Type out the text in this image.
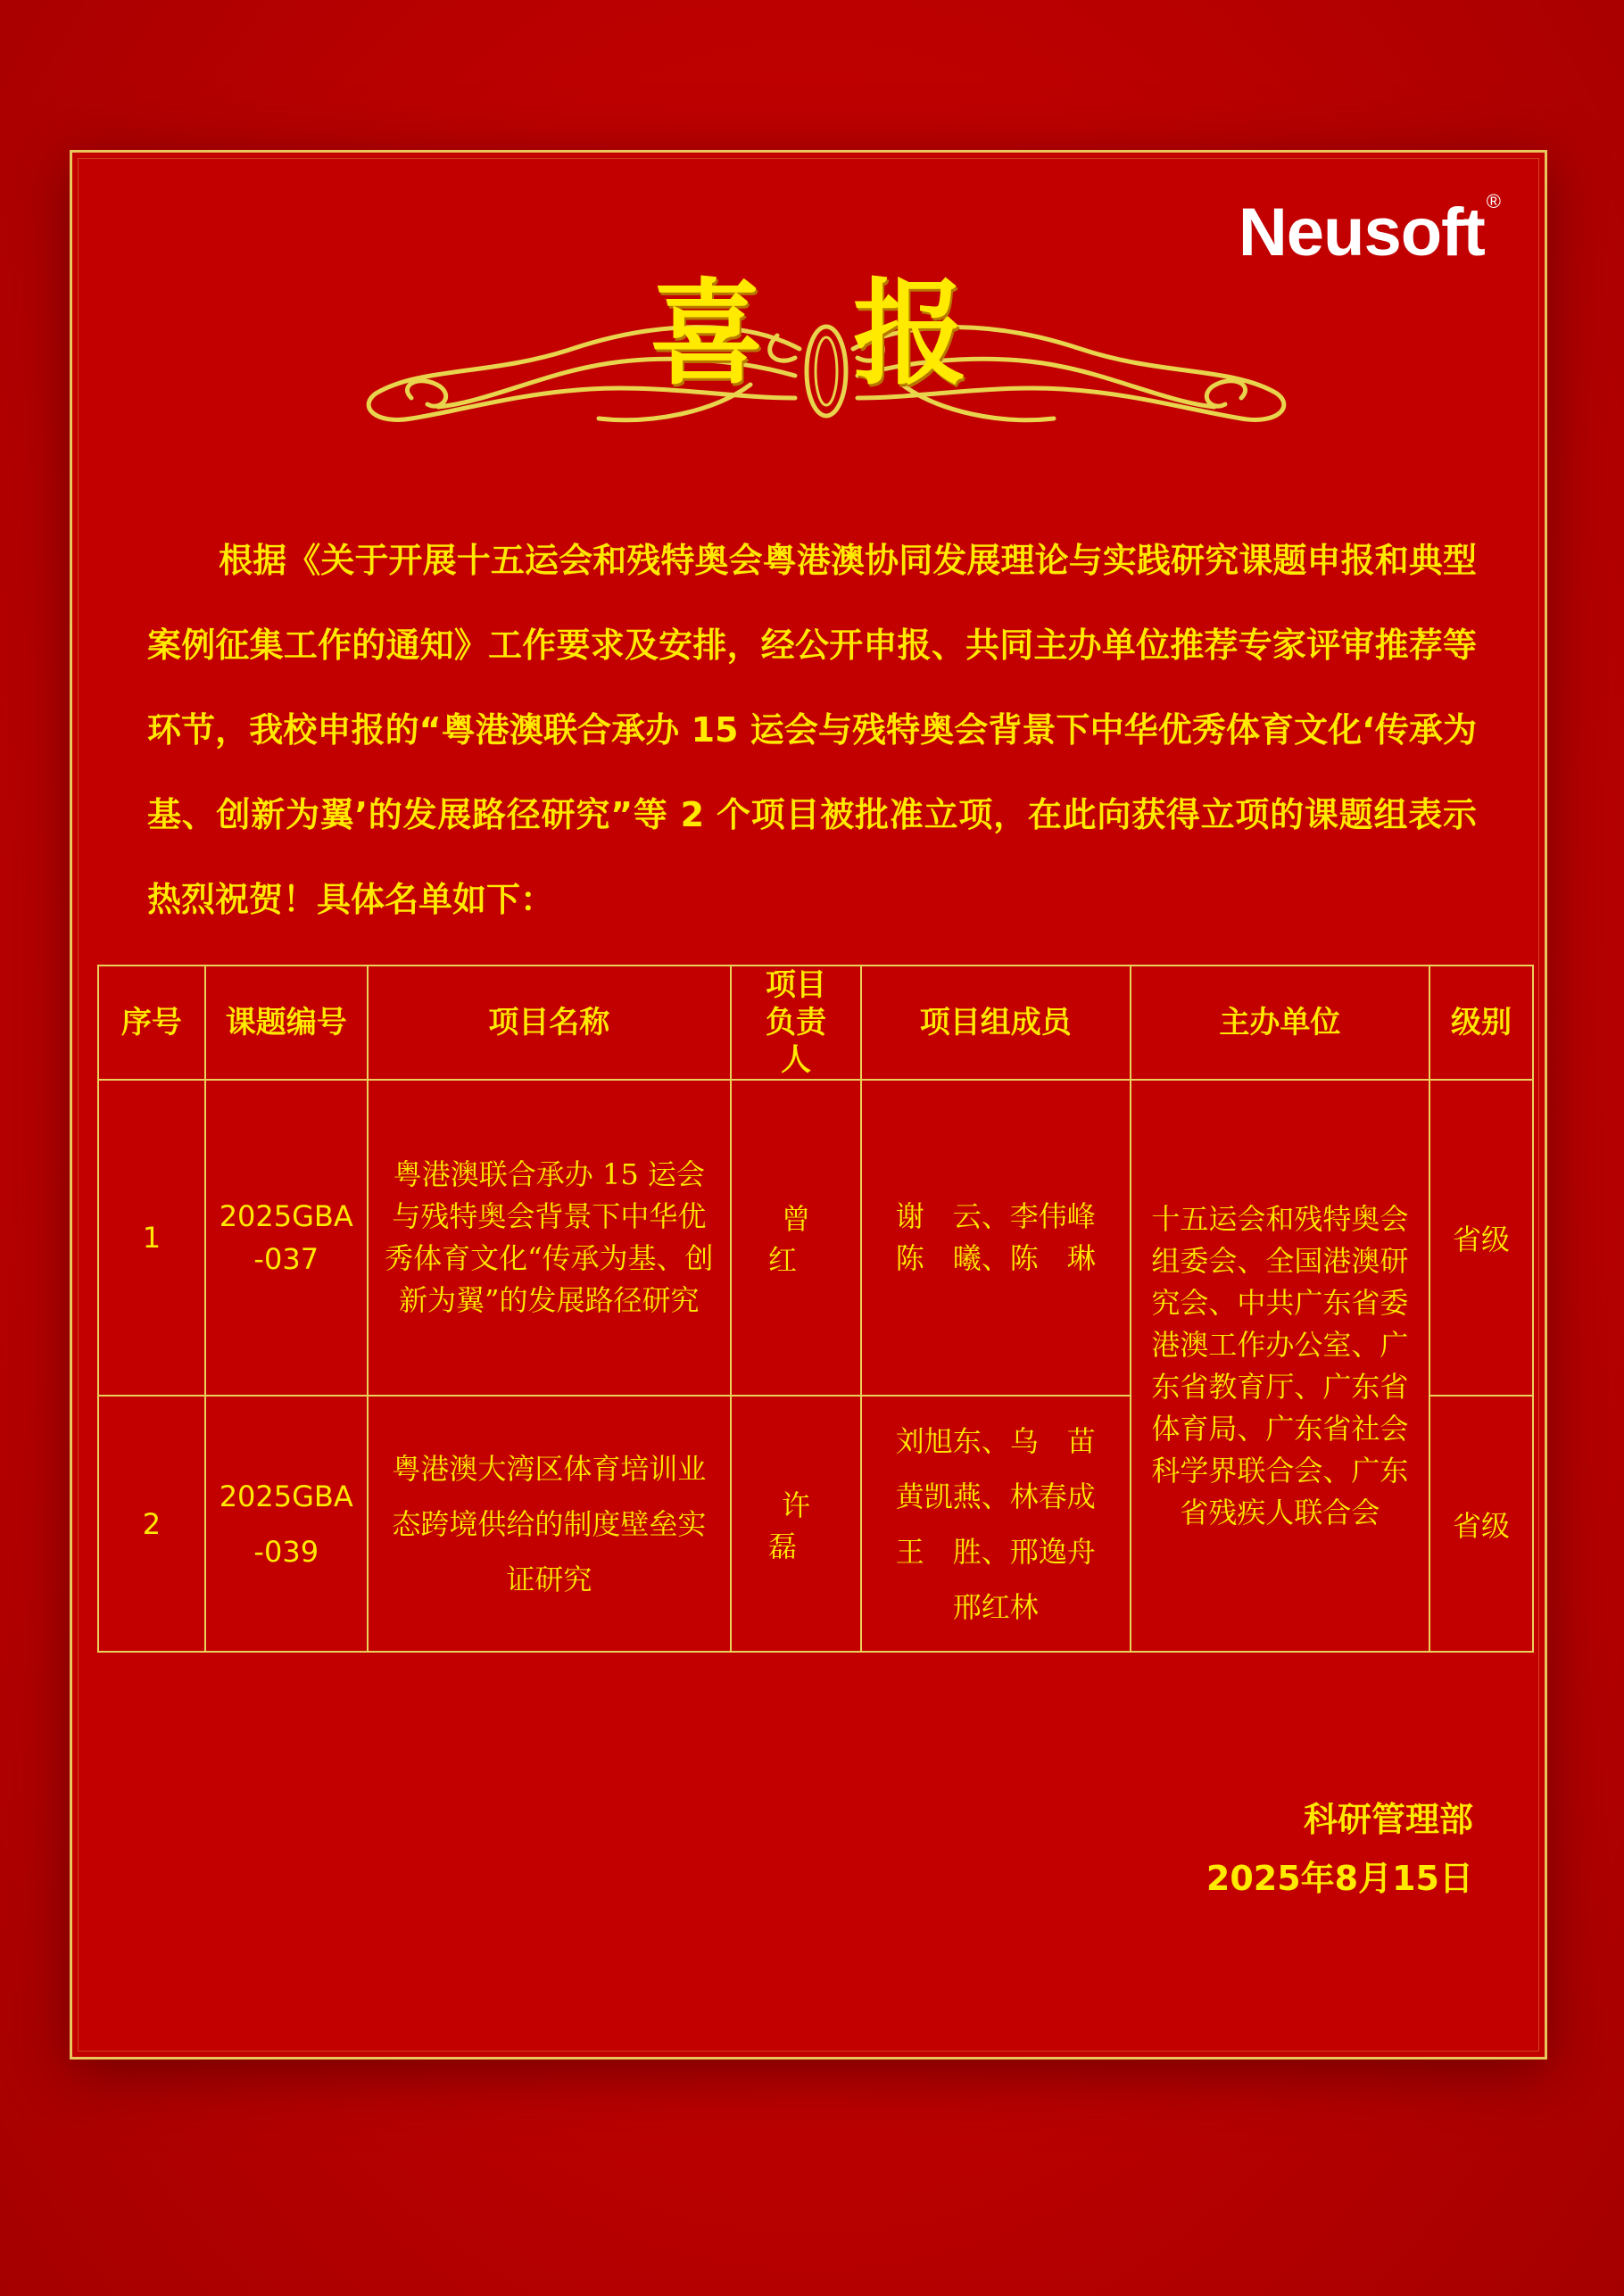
Neusoft®
喜报
根据《关于开展十五运会和残特奥会粤港澳协同发展理论与实践研究课题申报和典型案例征集工作的通知》工作要求及安排，经公开申报、共同主办单位推荐专家评审推荐等环节，我校申报的“粤港澳联合承办 15 运会与残特奥会背景下中华优秀体育文化‘传承为基、创新为翼’的发展路径研究”等 2 个项目被批准立项，在此向获得立项的课题组表示热烈祝贺！具体名单如下：
序号	课题编号	项目名称	项目负责人	项目组成员	主办单位	级别
1	2025GBA-037	粤港澳联合承办 15 运会与残特奥会背景下中华优秀体育文化“传承为基、创新为翼”的发展路径研究	曾红	谢　云、李伟峰 陈　曦、陈　琳	十五运会和残特奥会组委会、全国港澳研究会、中共广东省委港澳工作办公室、广东省教育厅、广东省体育局、广东省社会科学界联合会、广东省残疾人联合会	省级
2	2025GBA-039	粤港澳大湾区体育培训业态跨境供给的制度壁垒实证研究	许磊	刘旭东、乌　苗 黄凯燕、林春成 王　胜、邢逸舟 邢红林		省级
科研管理部
2025年8月15日
